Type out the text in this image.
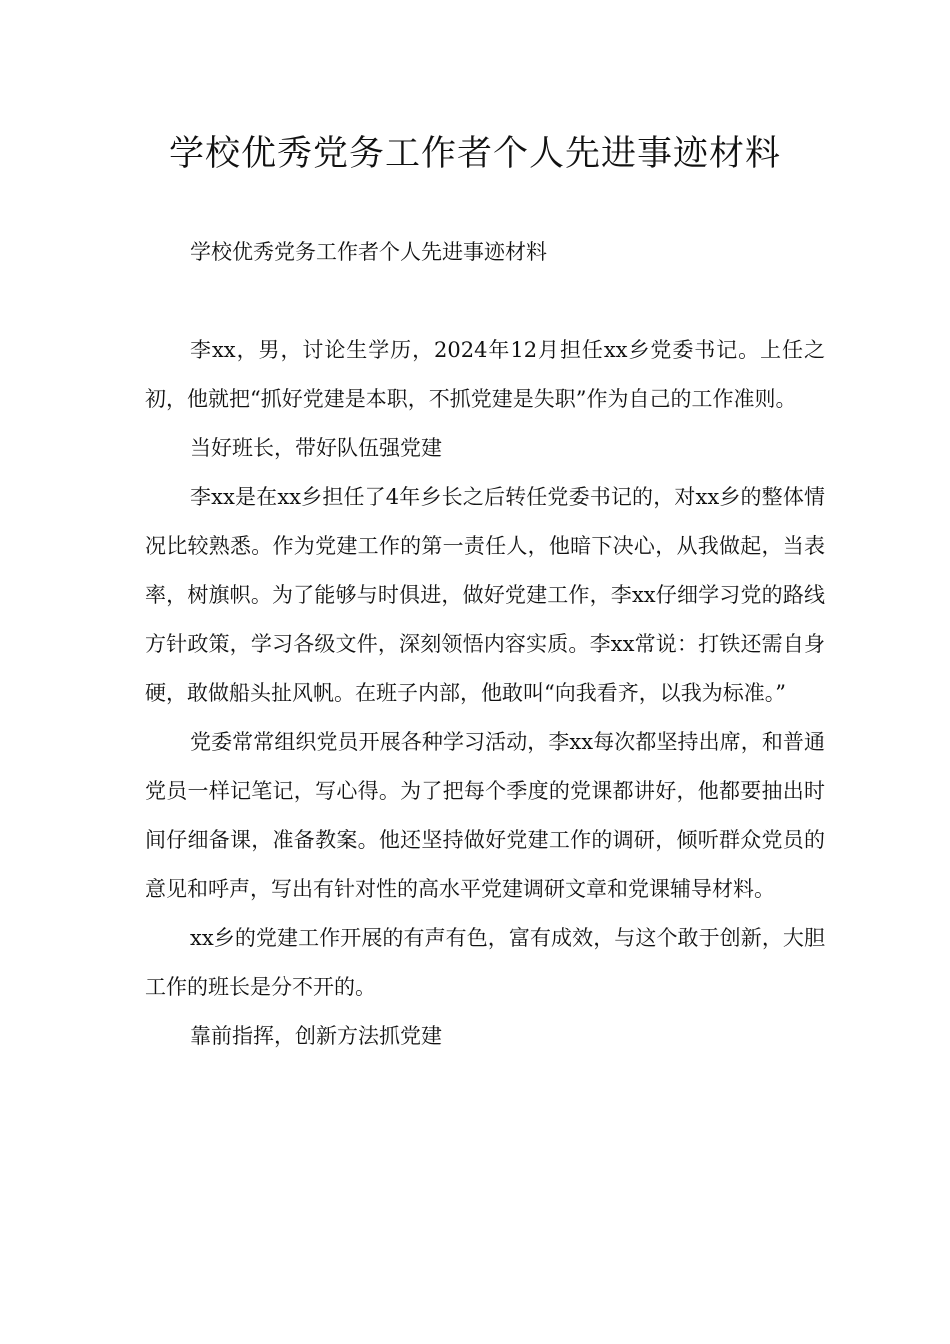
学校优秀党务工作者个人先进事迹材料

学校优秀党务工作者个人先进事迹材料

李xx，男，讨论生学历，2024年12月担任xx乡党委书记。上任之初，他就把“抓好党建是本职，不抓党建是失职”作为自己的工作准则。

当好班长，带好队伍强党建

李xx是在xx乡担任了4年乡长之后转任党委书记的，对xx乡的整体情况比较熟悉。作为党建工作的第一责任人，他暗下决心，从我做起，当表率，树旗帜。为了能够与时俱进，做好党建工作，李xx仔细学习党的路线方针政策，学习各级文件，深刻领悟内容实质。李xx常说：打铁还需自身硬，敢做船头扯风帆。在班子内部，他敢叫“向我看齐，以我为标准。”

党委常常组织党员开展各种学习活动，李xx每次都坚持出席，和普通党员一样记笔记，写心得。为了把每个季度的党课都讲好，他都要抽出时间仔细备课，准备教案。他还坚持做好党建工作的调研，倾听群众党员的意见和呼声，写出有针对性的高水平党建调研文章和党课辅导材料。

xx乡的党建工作开展的有声有色，富有成效，与这个敢于创新，大胆工作的班长是分不开的。

靠前指挥，创新方法抓党建
